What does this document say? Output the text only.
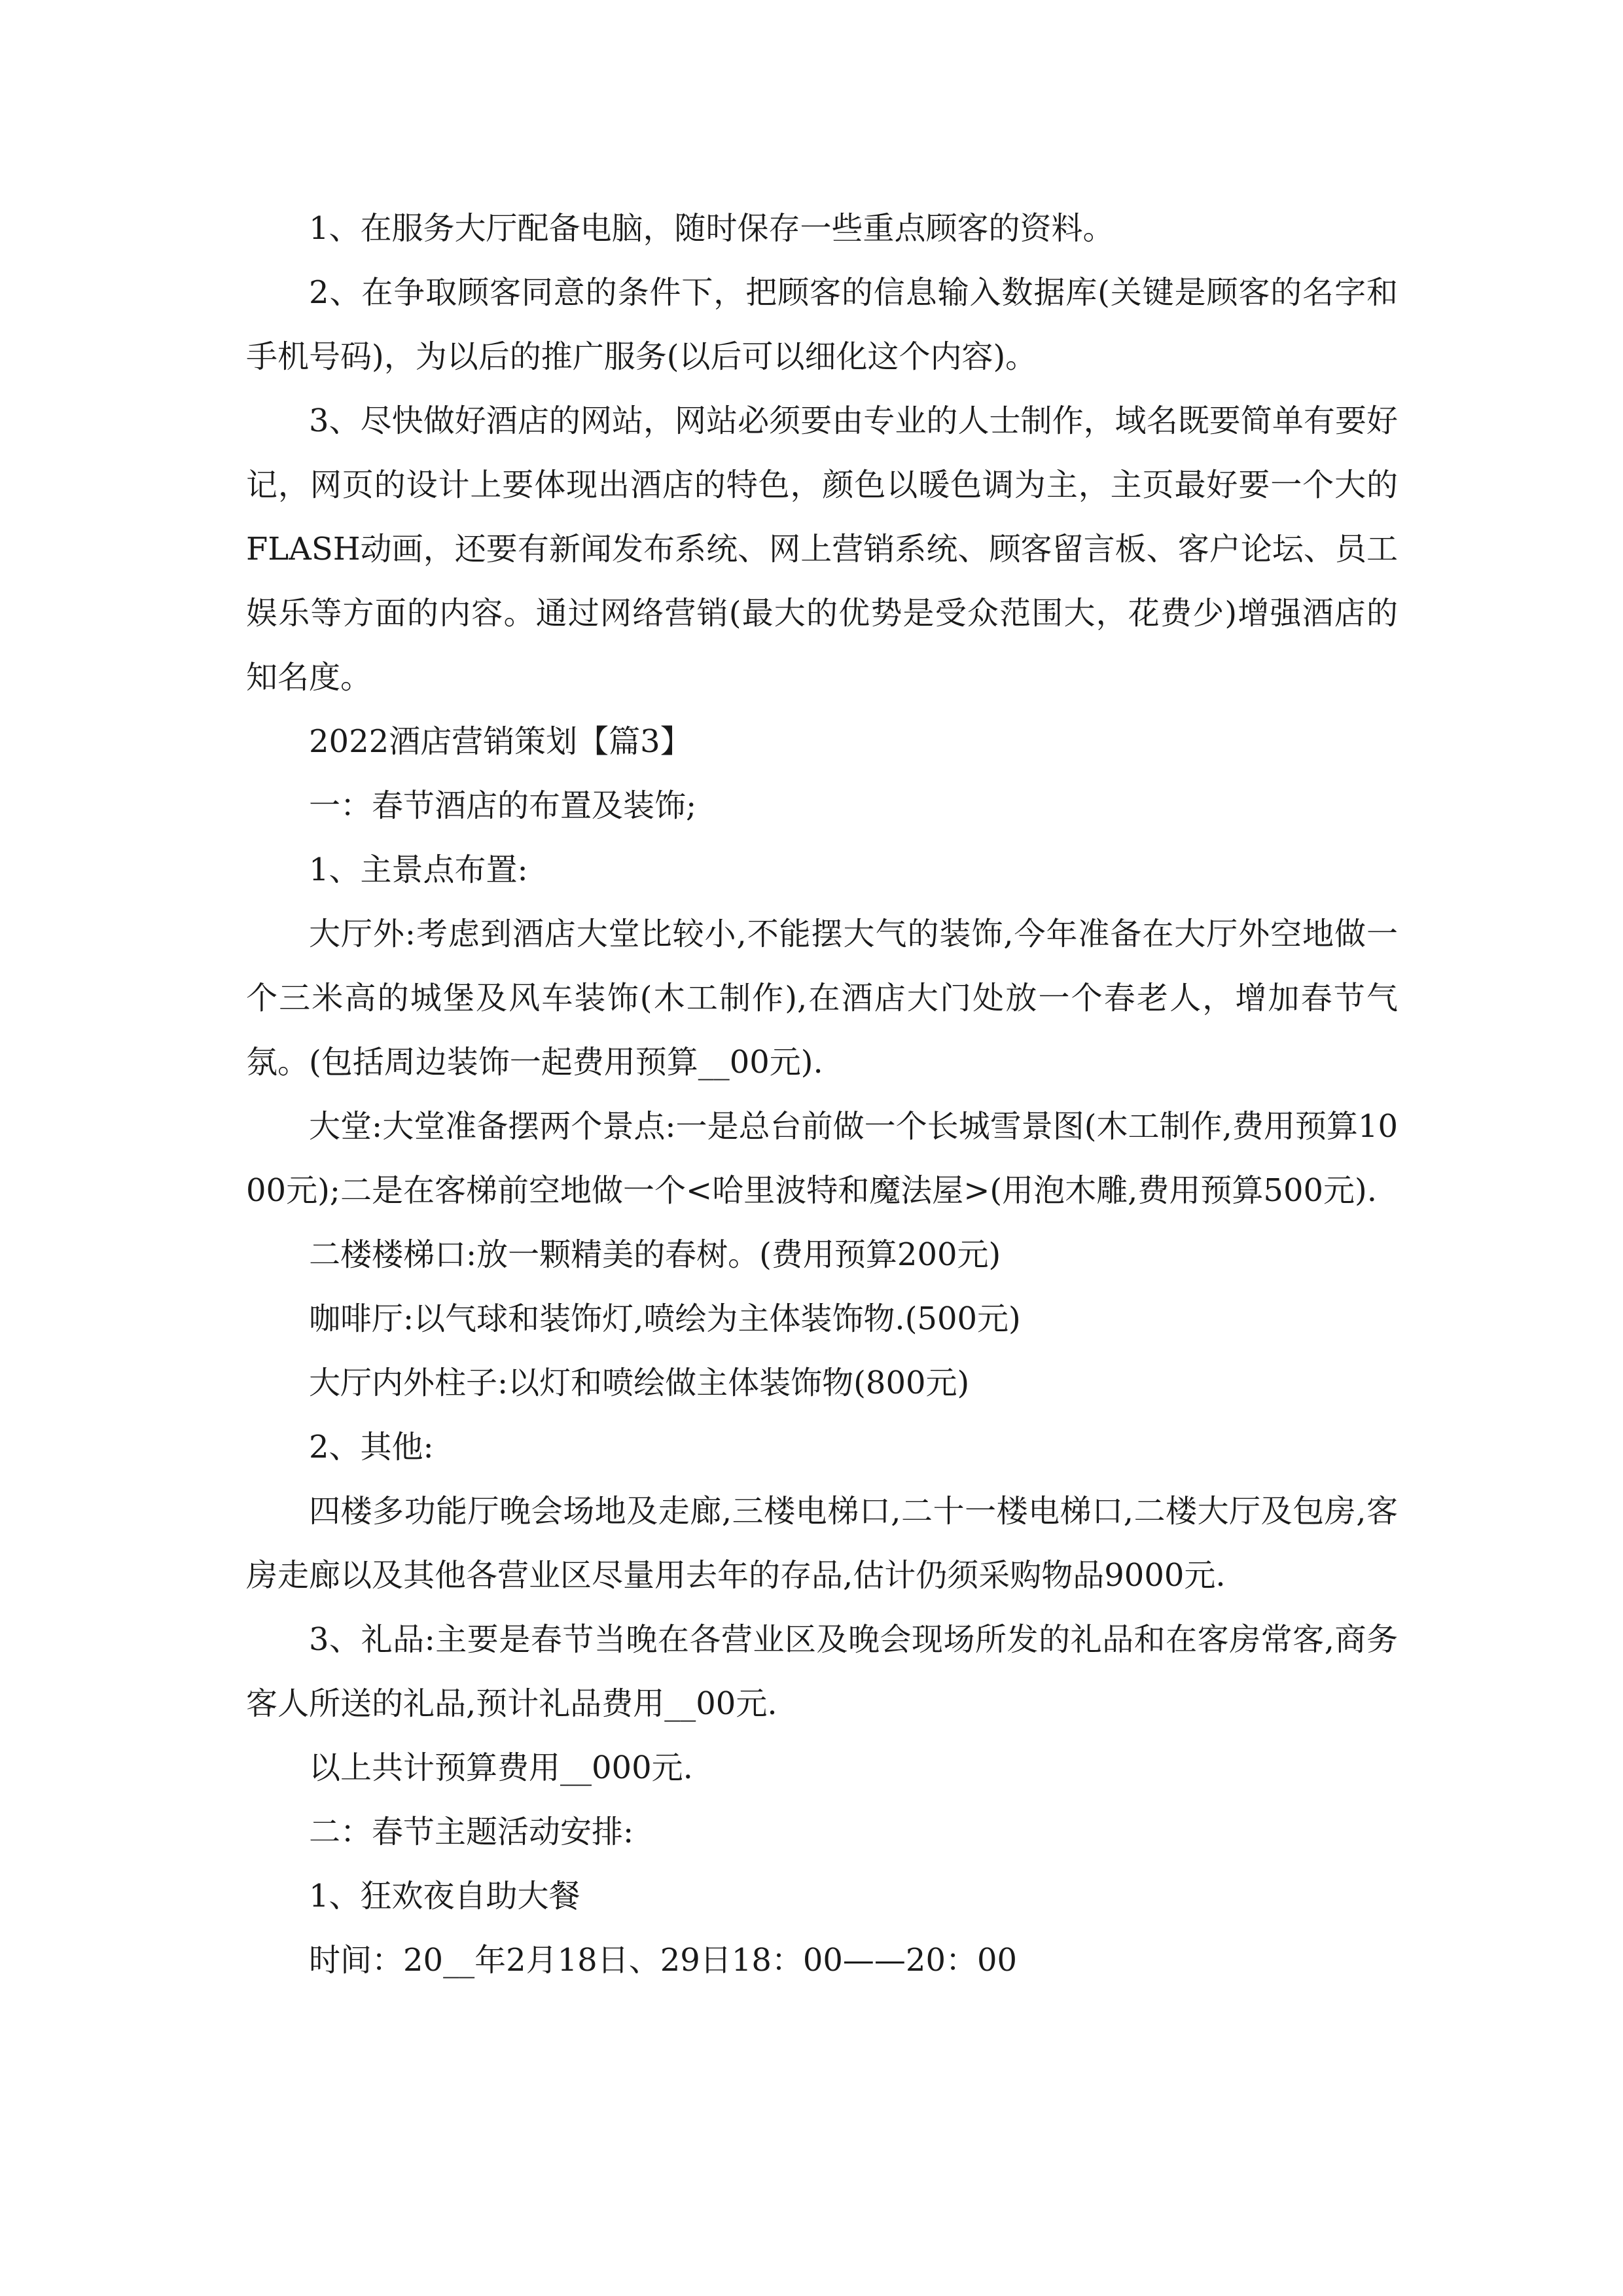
1、在服务大厅配备电脑，随时保存一些重点顾客的资料。

2、在争取顾客同意的条件下，把顾客的信息输入数据库(关键是顾客的名字和手机号码)，为以后的推广服务(以后可以细化这个内容)。

3、尽快做好酒店的网站，网站必须要由专业的人士制作，域名既要简单有要好记，网页的设计上要体现出酒店的特色，颜色以暖色调为主，主页最好要一个大的FLASH动画，还要有新闻发布系统、网上营销系统、顾客留言板、客户论坛、员工娱乐等方面的内容。通过网络营销(最大的优势是受众范围大，花费少)增强酒店的知名度。

2022酒店营销策划【篇3】

一：春节酒店的布置及装饰;

1、主景点布置:

大厅外:考虑到酒店大堂比较小,不能摆大气的装饰,今年准备在大厅外空地做一个三米高的城堡及风车装饰(木工制作),在酒店大门处放一个春老人，增加春节气氛。(包括周边装饰一起费用预算__00元).

大堂:大堂准备摆两个景点:一是总台前做一个长城雪景图(木工制作,费用预算1000元);二是在客梯前空地做一个<哈里波特和魔法屋>(用泡木雕,费用预算500元).

二楼楼梯口:放一颗精美的春树。(费用预算200元)

咖啡厅:以气球和装饰灯,喷绘为主体装饰物.(500元)

大厅内外柱子:以灯和喷绘做主体装饰物(800元)

2、其他:

四楼多功能厅晚会场地及走廊,三楼电梯口,二十一楼电梯口,二楼大厅及包房,客房走廊以及其他各营业区尽量用去年的存品,估计仍须采购物品9000元.

3、礼品:主要是春节当晚在各营业区及晚会现场所发的礼品和在客房常客,商务客人所送的礼品,预计礼品费用__00元.

以上共计预算费用__000元.

二：春节主题活动安排:

1、狂欢夜自助大餐

时间：20__年2月18日、29日18：00——20：00
